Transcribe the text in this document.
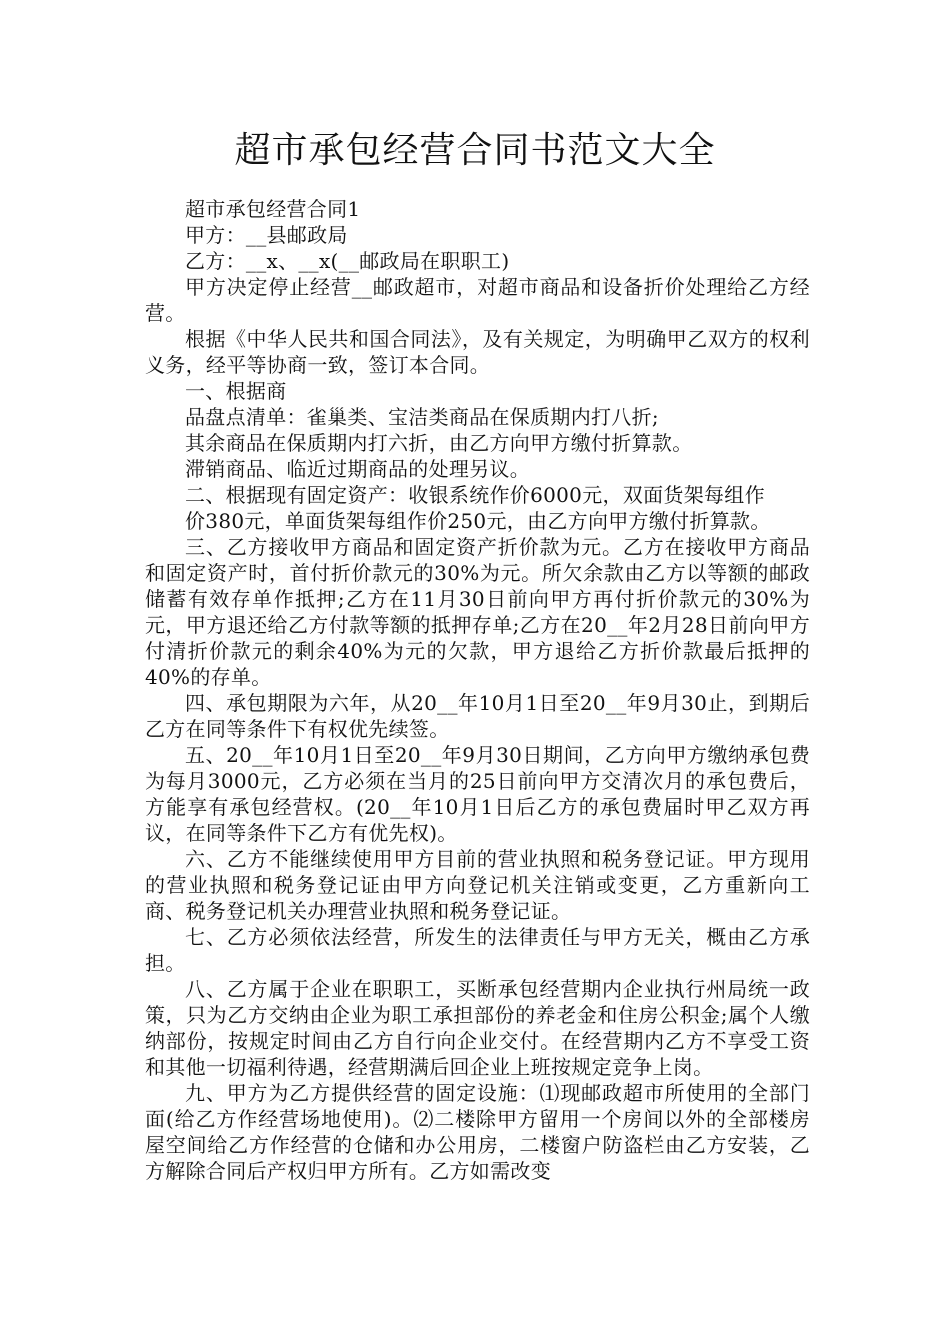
超市承包经营合同书范文大全

超市承包经营合同1

甲方：__县邮政局

乙方：__x、__x(__邮政局在职职工)

甲方决定停止经营__邮政超市，对超市商品和设备折价处理给乙方经营。

根据《中华人民共和国合同法》，及有关规定，为明确甲乙双方的权利义务，经平等协商一致，签订本合同。

一、根据商

品盘点清单：雀巢类、宝洁类商品在保质期内打八折;

其余商品在保质期内打六折，由乙方向甲方缴付折算款。

滞销商品、临近过期商品的处理另议。

二、根据现有固定资产：收银系统作价6000元，双面货架每组作

价380元，单面货架每组作价250元，由乙方向甲方缴付折算款。

三、乙方接收甲方商品和固定资产折价款为元。乙方在接收甲方商品和固定资产时，首付折价款元的30%为元。所欠余款由乙方以等额的邮政储蓄有效存单作抵押;乙方在11月30日前向甲方再付折价款元的30%为元，甲方退还给乙方付款等额的抵押存单;乙方在20__年2月28日前向甲方付清折价款元的剩余40%为元的欠款，甲方退给乙方折价款最后抵押的40%的存单。

四、承包期限为六年，从20__年10月1日至20__年9月30止，到期后乙方在同等条件下有权优先续签。

五、20__年10月1日至20__年9月30日期间，乙方向甲方缴纳承包费为每月3000元，乙方必须在当月的25日前向甲方交清次月的承包费后，方能享有承包经营权。(20__年10月1日后乙方的承包费届时甲乙双方再议，在同等条件下乙方有优先权)。

六、乙方不能继续使用甲方目前的营业执照和税务登记证。甲方现用的营业执照和税务登记证由甲方向登记机关注销或变更，乙方重新向工商、税务登记机关办理营业执照和税务登记证。

七、乙方必须依法经营，所发生的法律责任与甲方无关，概由乙方承担。

八、乙方属于企业在职职工，买断承包经营期内企业执行州局统一政策，只为乙方交纳由企业为职工承担部份的养老金和住房公积金;属个人缴纳部份，按规定时间由乙方自行向企业交付。在经营期内乙方不享受工资和其他一切福利待遇，经营期满后回企业上班按规定竞争上岗。

九、甲方为乙方提供经营的固定设施：⑴现邮政超市所使用的全部门面(给乙方作经营场地使用)。⑵二楼除甲方留用一个房间以外的全部楼房屋空间给乙方作经营的仓储和办公用房，二楼窗户防盗栏由乙方安装，乙方解除合同后产权归甲方所有。乙方如需改变
